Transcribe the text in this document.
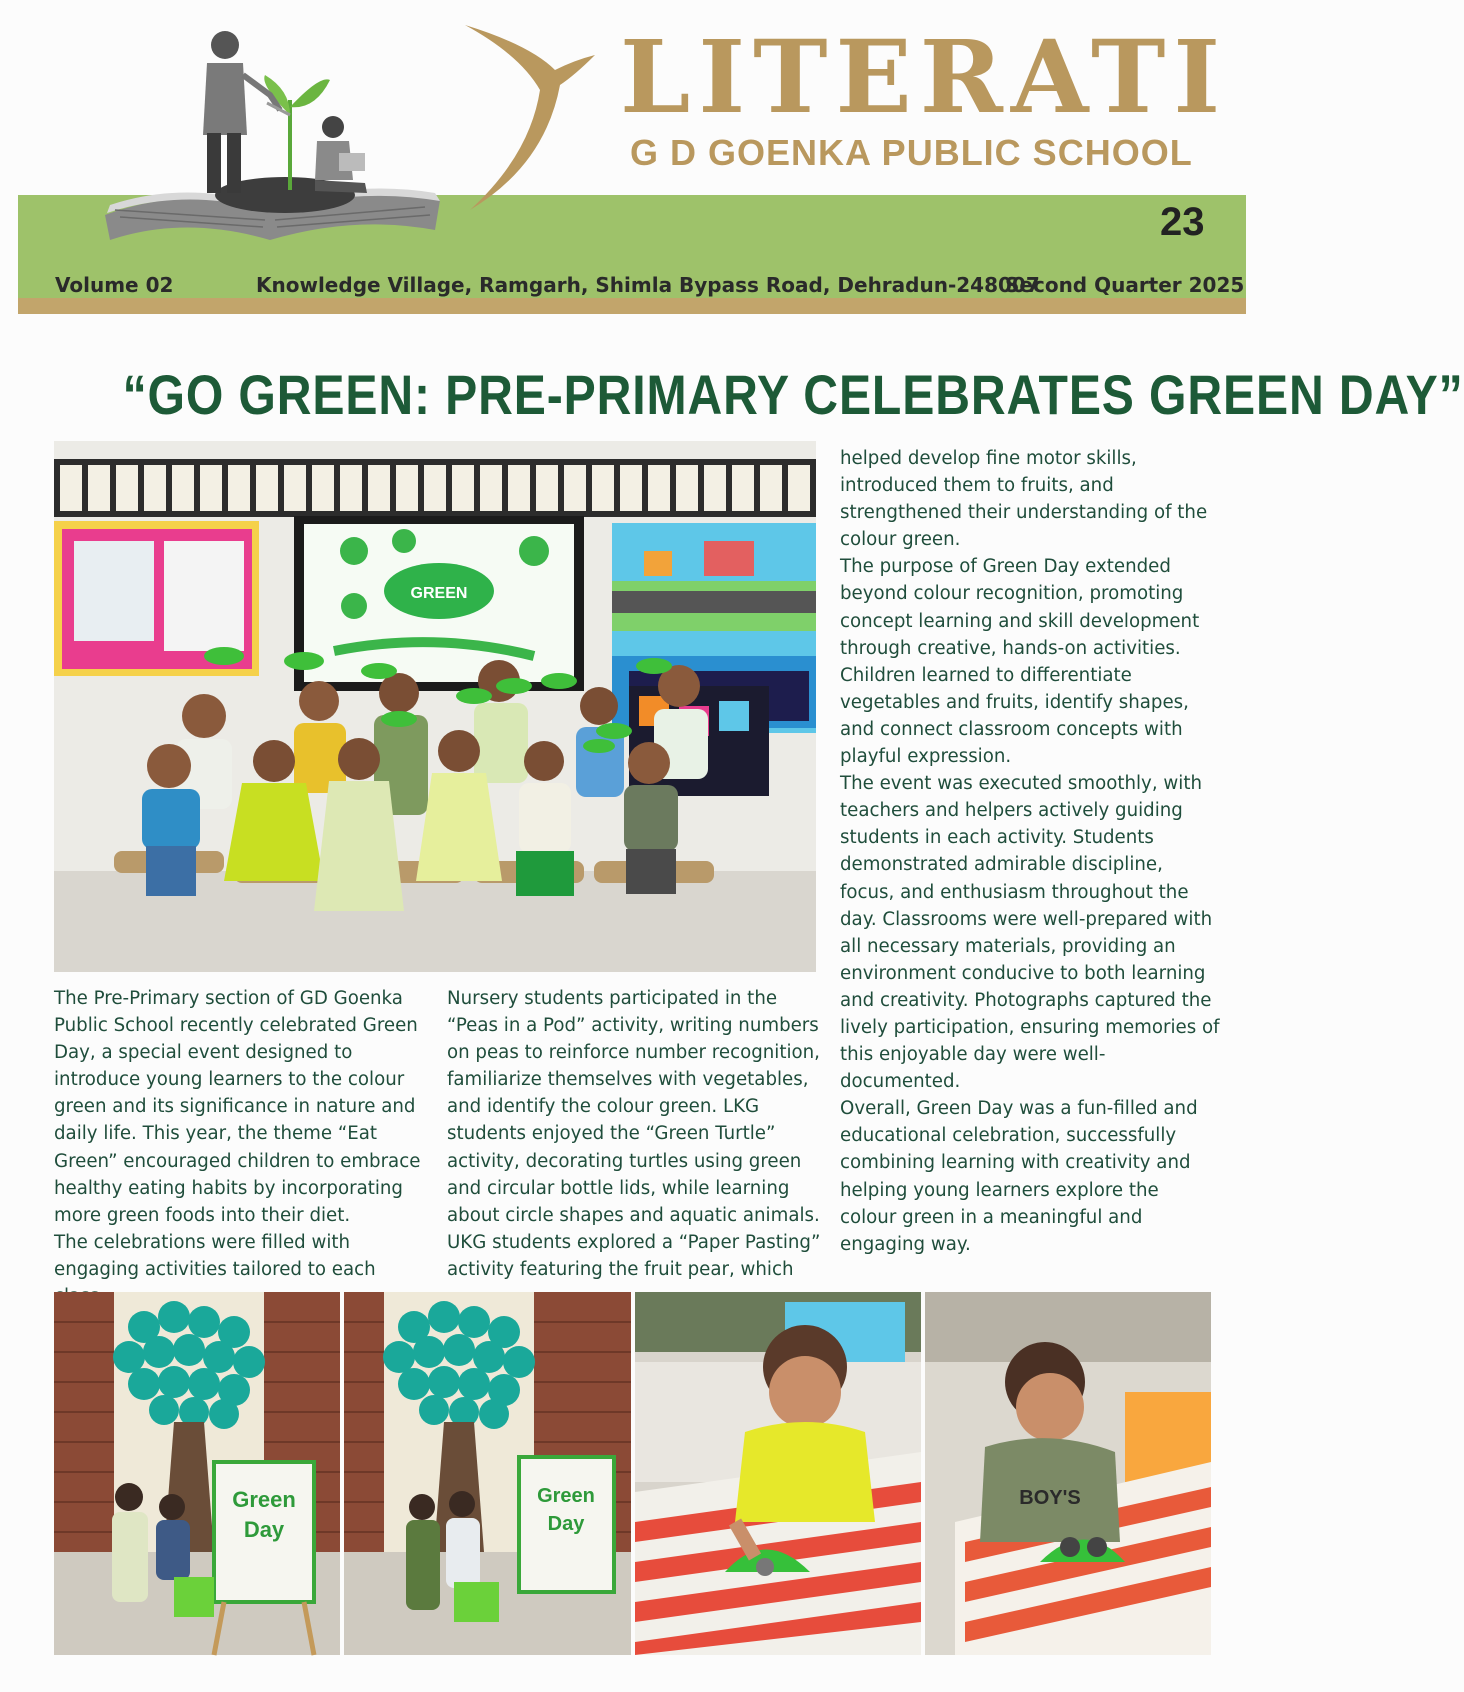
LITERATI
G D GOENKA PUBLIC SCHOOL
23
Volume 02	Knowledge Village, Ramgarh, Shimla Bypass Road, Dehradun-248007
Second Quarter 2025
“GO GREEN: PRE-PRIMARY CELEBRATES GREEN DAY”
GREEN

The Pre-Primary section of GD Goenka Public School recently celebrated Green Day, a special event designed to introduce young learners to the colour green and its significance in nature and daily life. This year, the theme “Eat Green” encouraged children to embrace healthy eating habits by incorporating more green foods into their diet.

The celebrations were filled with engaging activities tailored to each

Nursery students participated in the “Peas in a Pod” activity, writing numbers on peas to reinforce number recognition, familiarize themselves with vegetables, and identify the colour green. LKG students enjoyed the “Green Turtle” activity, decorating turtles using green and circular bottle lids, while learning about circle shapes and aquatic animals. UKG students explored a “Paper Pasting” activity featuring the fruit pear, which

helped develop fine motor skills, introduced them to fruits, and strengthened their understanding of the colour green.

The purpose of Green Day extended beyond colour recognition, promoting concept learning and skill development through creative, hands-on activities. Children learned to differentiate vegetables and fruits, identify shapes, and connect classroom concepts with playful expression.

The event was executed smoothly, with teachers and helpers actively guiding students in each activity. Students demonstrated admirable discipline, focus, and enthusiasm throughout the day. Classrooms were well-prepared with all necessary materials, providing an environment conducive to both learning and creativity. Photographs captured the lively participation, ensuring memories of this enjoyable day were well-documented.

Overall, Green Day was a fun-filled and educational celebration, successfully combining learning with creativity and helping young learners explore the colour green in a meaningful and engaging way.

Green
Day
Green
Day
BOY'S
